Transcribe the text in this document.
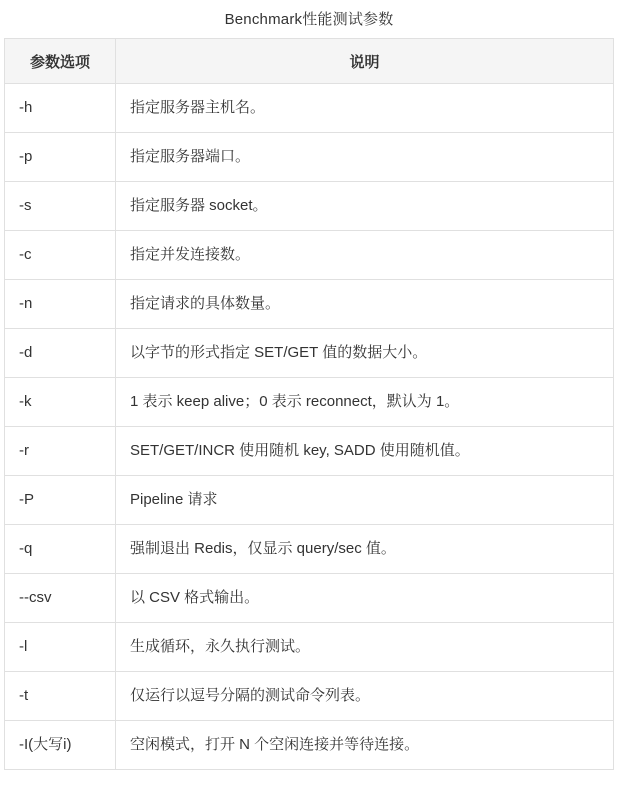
Benchmark性能测试参数
参数选项	说明
-h	指定服务器主机名。
-p	指定服务器端口。
-s	指定服务器 socket。
-c	指定并发连接数。
-n	指定请求的具体数量。
-d	以字节的形式指定 SET/GET 值的数据大小。
-k	1 表示 keep alive；0 表示 reconnect，默认为 1。
-r	SET/GET/INCR 使用随机 key, SADD 使用随机值。
-P	Pipeline 请求
-q	强制退出 Redis，仅显示 query/sec 值。
--csv	以 CSV 格式输出。
-l	生成循环，永久执行测试。
-t	仅运行以逗号分隔的测试命令列表。
-I(大写i)	空闲模式，打开 N 个空闲连接并等待连接。
